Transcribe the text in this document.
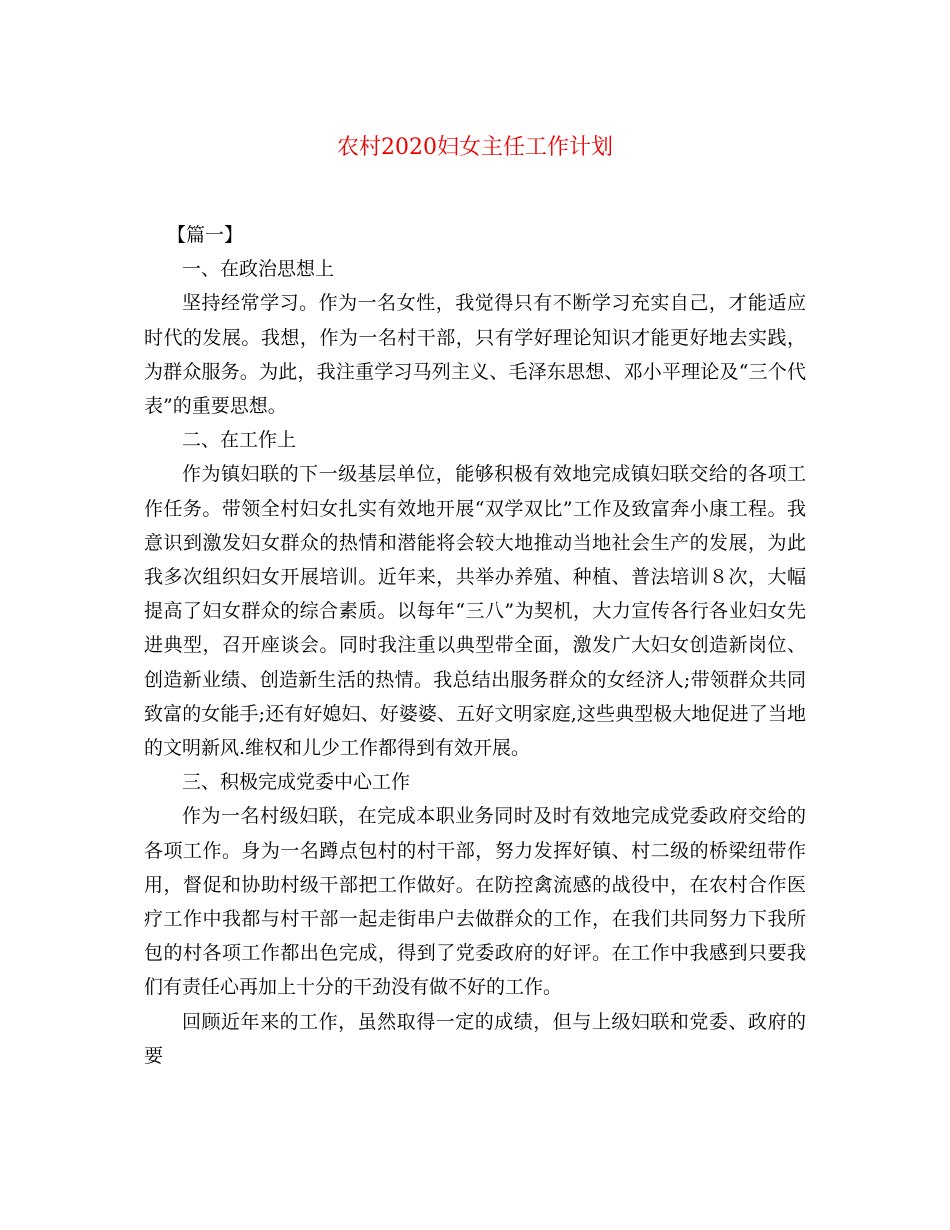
农村2020妇女主任工作计划

【篇一】

一、在政治思想上

坚持经常学习。作为一名女性，我觉得只有不断学习充实自己，才能适应时代的发展。我想，作为一名村干部，只有学好理论知识才能更好地去实践，为群众服务。为此，我注重学习马列主义、毛泽东思想、邓小平理论及“三个代表”的重要思想。

二、在工作上

作为镇妇联的下一级基层单位，能够积极有效地完成镇妇联交给的各项工作任务。带领全村妇女扎实有效地开展“双学双比”工作及致富奔小康工程。我意识到激发妇女群众的热情和潜能将会较大地推动当地社会生产的发展，为此我多次组织妇女开展培训。近年来，共举办养殖、种植、普法培训８次，大幅提高了妇女群众的综合素质。以每年“三八”为契机，大力宣传各行各业妇女先进典型，召开座谈会。同时我注重以典型带全面，激发广大妇女创造新岗位、创造新业绩、创造新生活的热情。我总结出服务群众的女经济人;带领群众共同致富的女能手;还有好媳妇、好婆婆、五好文明家庭,这些典型极大地促进了当地的文明新风.维权和儿少工作都得到有效开展。

三、积极完成党委中心工作

作为一名村级妇联，在完成本职业务同时及时有效地完成党委政府交给的各项工作。身为一名蹲点包村的村干部，努力发挥好镇、村二级的桥梁纽带作用，督促和协助村级干部把工作做好。在防控禽流感的战役中，在农村合作医疗工作中我都与村干部一起走街串户去做群众的工作，在我们共同努力下我所包的村各项工作都出色完成，得到了党委政府的好评。在工作中我感到只要我们有责任心再加上十分的干劲没有做不好的工作。

回顾近年来的工作，虽然取得一定的成绩，但与上级妇联和党委、政府的要
